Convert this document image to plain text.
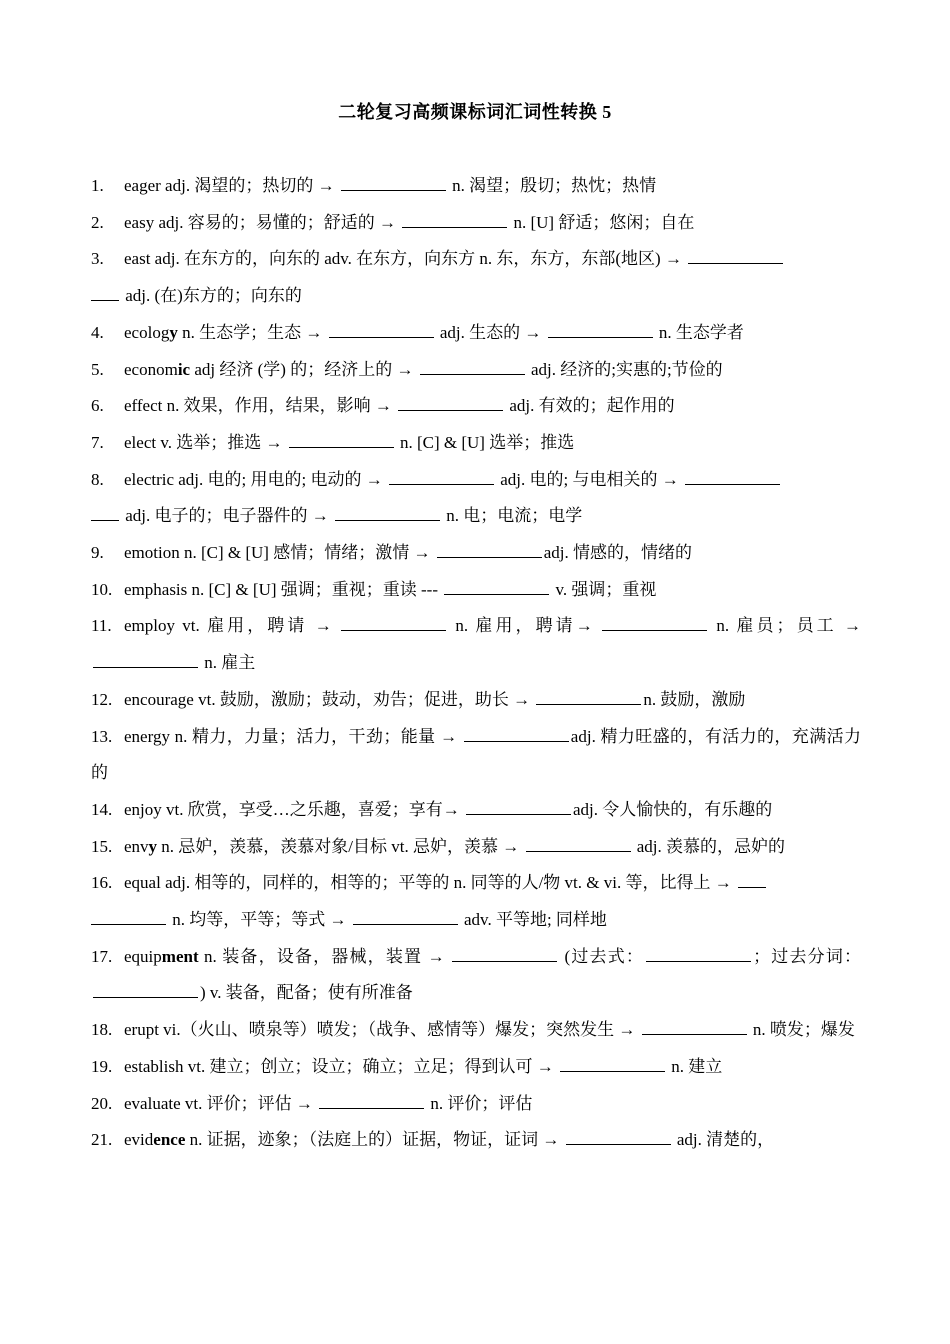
二轮复习高频课标词汇词性转换 5
1. eager adj. 渴望的；热切的 →	n. 渴望；殷切；热忱；热情
2. easy adj. 容易的；易懂的；舒适的 →	n. [U] 舒适；悠闲；自在
3. east adj. 在东方的，向东的 adv. 在东方，向东方 n. 东，东方，东部(地区) →
adj. (在)东方的；向东的
4. ecology n. 生态学；生态 →	adj. 生态的 →	n. 生态学者
5. economic adj 经济 (学) 的；经济上的 →	adj. 经济的;实惠的;节俭的
6. effect n. 效果，作用，结果，影响 →	adj. 有效的；起作用的
7. elect v. 选举；推选 →	n. [C] & [U] 选举；推选
8. electric adj. 电的; 用电的; 电动的 →	adj. 电的; 与电相关的 →
adj. 电子的；电子器件的 →	n. 电；电流；电学
9. emotion n. [C] & [U] 感情；情绪；激情 →	adj. 情感的，情绪的
10. emphasis n. [C] & [U] 强调；重视；重读 ---	v. 强调；重视
11. employ vt. 雇用，聘请 →	n. 雇用，聘请→	n. 雇员；员工 →  n. 雇主
12. encourage vt. 鼓励，激励；鼓动，劝告；促进，助长 →	n. 鼓励，激励
13. energy n. 精力，力量；活力，干劲；能量 →	adj. 精力旺盛的，有活力的，充满活力的
14. enjoy vt. 欣赏，享受…之乐趣，喜爱；享有→	adj. 令人愉快的，有乐趣的
15. envy n. 忌妒，羡慕，羡慕对象/目标 vt. 忌妒，羡慕 →	adj. 羡慕的，忌妒的
16. equal adj. 相等的，同样的，相等的；平等的 n. 同等的人/物 vt. & vi. 等，比得上 →
n. 均等，平等；等式 →	adv. 平等地; 同样地
17. equipment n. 装备，设备，器械，装置 →	(过去式：	；过去分词：) v. 装备，配备；使有所准备
18. erupt vi.（火山、喷泉等）喷发；（战争、感情等）爆发；突然发生 →	n. 喷发；爆发
19. establish vt. 建立；创立；设立；确立；立足；得到认可 →	n. 建立
20. evaluate vt. 评价；评估 →	n. 评价；评估
21. evidence n. 证据，迹象；（法庭上的）证据，物证，证词 →	adj. 清楚的，
